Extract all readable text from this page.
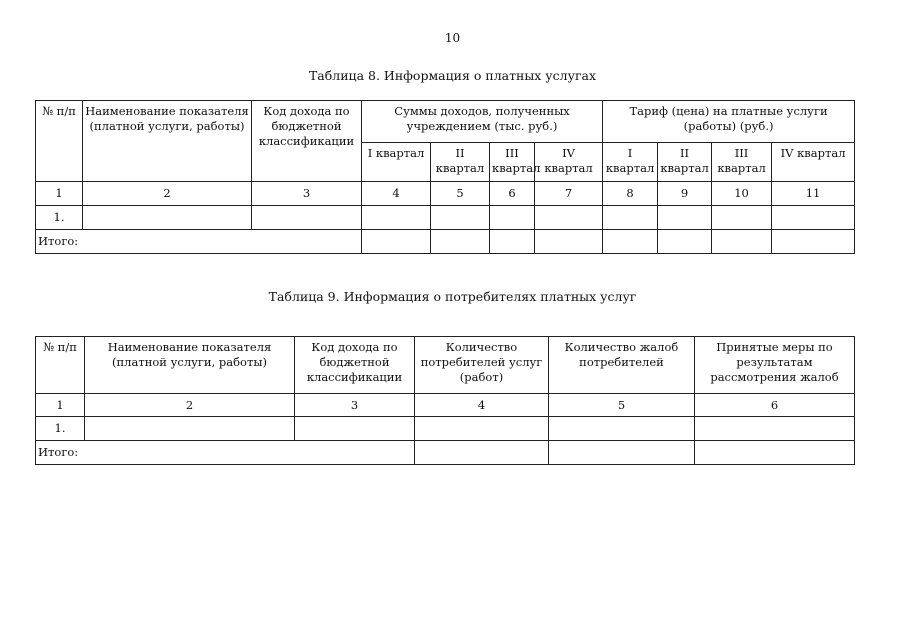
10
Таблица 8. Информация о платных услугах
№ п/п	Наименование показателя (платной услуги, работы)	Код дохода по бюджетной классификации	Суммы доходов, полученных учреждением (тыс. руб.)				Тариф (цена) на платные услуги (работы) (руб.)			
			I квартал	II квартал	III квартал	IV квартал	I квартал	II квартал	III квартал	IV квартал
1	2	3	4	5	6	7	8	9	10	11
1.										
Итого:										
Таблица 9. Информация о потребителях платных услуг
№ п/п	Наименование показателя (платной услуги, работы)	Код дохода по бюджетной классификации	Количество потребителей услуг (работ)	Количество жалоб потребителей	Принятые меры по результатам рассмотрения жалоб
1	2	3	4	5	6
1.					
Итого:					
